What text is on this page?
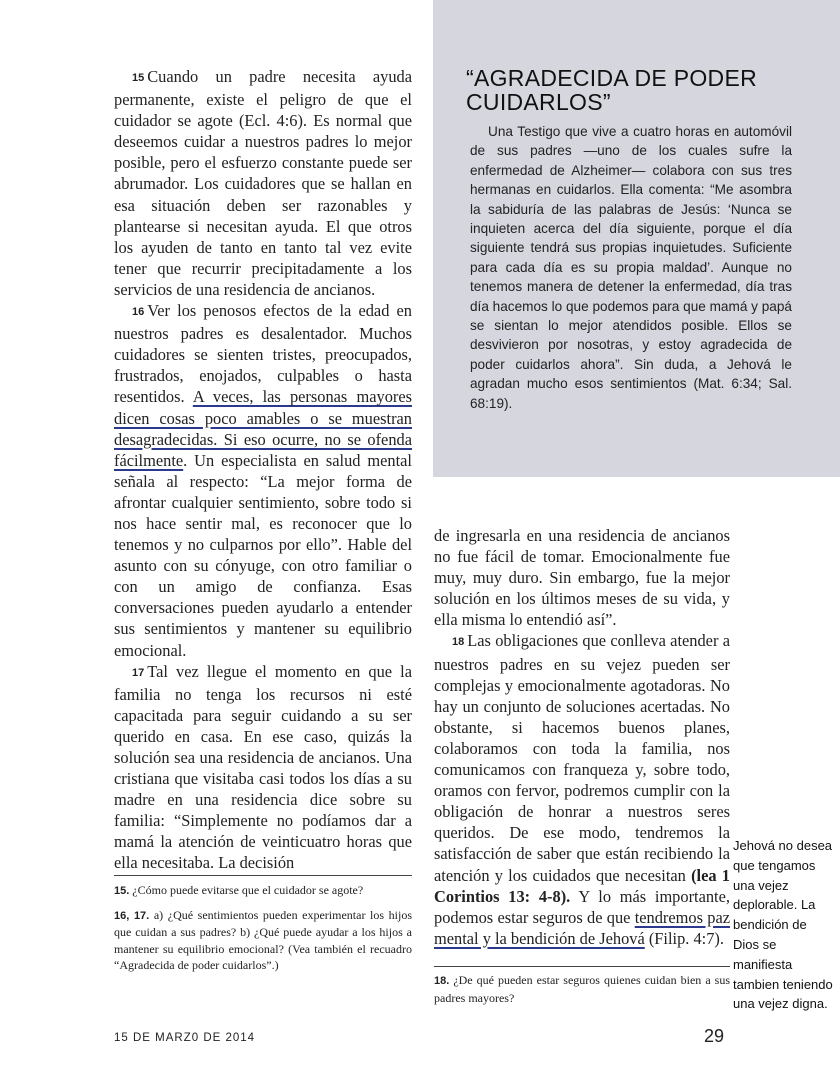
“AGRADECIDA DE PODER CUIDARLOS”

Una Testigo que vive a cuatro horas en automóvil de sus padres —uno de los cuales sufre la enfermedad de Alzheimer— colabora con sus tres hermanas en cuidarlos. Ella comenta: “Me asombra la sabiduría de las palabras de Jesús: ‘Nunca se inquieten acerca del día siguiente, porque el día siguiente tendrá sus propias inquietudes. Suficiente para cada día es su propia maldad’. Aunque no tenemos manera de detener la enfermedad, día tras día hacemos lo que podemos para que mamá y papá se sientan lo mejor atendidos posible. Ellos se desvivieron por nosotras, y estoy agradecida de poder cuidarlos ahora”. Sin duda, a Jehová le agradan mucho esos sentimientos (Mat. 6:34; Sal. 68:19).

15 Cuando un padre necesita ayuda permanente, existe el peligro de que el cuidador se agote (Ecl. 4:6). Es normal que deseemos cuidar a nuestros padres lo mejor posible, pero el esfuerzo constante puede ser abrumador. Los cuidadores que se hallan en esa situación deben ser razonables y plantearse si necesitan ayuda. El que otros los ayuden de tanto en tanto tal vez evite tener que recurrir precipitadamente a los servicios de una residencia de ancianos.

16 Ver los penosos efectos de la edad en nuestros padres es desalentador. Muchos cuidadores se sienten tristes, preocupados, frustrados, enojados, culpables o hasta resentidos. A veces, las personas mayores dicen cosas poco amables o se muestran desagradecidas. Si eso ocurre, no se ofenda fácilmente. Un especialista en salud mental señala al respecto: “La mejor forma de afrontar cualquier sentimiento, sobre todo si nos hace sentir mal, es reconocer que lo tenemos y no culparnos por ello”. Hable del asunto con su cónyuge, con otro familiar o con un amigo de confianza. Esas conversaciones pueden ayudarlo a entender sus sentimientos y mantener su equilibrio emocional.

17 Tal vez llegue el momento en que la familia no tenga los recursos ni esté capacitada para seguir cuidando a su ser querido en casa. En ese caso, quizás la solución sea una residencia de ancianos. Una cristiana que visitaba casi todos los días a su madre en una residencia dice sobre su familia: “Simplemente no podíamos dar a mamá la atención de veinticuatro horas que ella necesitaba. La decisión

de ingresarla en una residencia de ancianos no fue fácil de tomar. Emocionalmente fue muy, muy duro. Sin embargo, fue la mejor solución en los últimos meses de su vida, y ella misma lo entendió así”.

18 Las obligaciones que conlleva atender a nuestros padres en su vejez pueden ser complejas y emocionalmente agotadoras. No hay un conjunto de soluciones acertadas. No obstante, si hacemos buenos planes, colaboramos con toda la familia, nos comunicamos con franqueza y, sobre todo, oramos con fervor, podremos cumplir con la obligación de honrar a nuestros seres queridos. De ese modo, tendremos la satisfacción de saber que están recibiendo la atención y los cuidados que necesitan (lea 1 Corintios 13: 4-8). Y lo más importante, podemos estar seguros de que tendremos paz mental y la bendición de Jehová (Filip. 4:7).

15. ¿Cómo puede evitarse que el cuidador se agote?

16, 17. a) ¿Qué sentimientos pueden experimentar los hijos que cuidan a sus padres? b) ¿Qué puede ayudar a los hijos a mantener su equilibrio emocional? (Vea también el recuadro “Agradecida de poder cuidarlos”.)

18. ¿De qué pueden estar seguros quienes cuidan bien a sus padres mayores?

15 DE MARZ0 DE 2014	29
Jehová no desea que tengamos una vejez deplorable. La bendición de Dios se manifiesta tambien teniendo una vejez digna.
